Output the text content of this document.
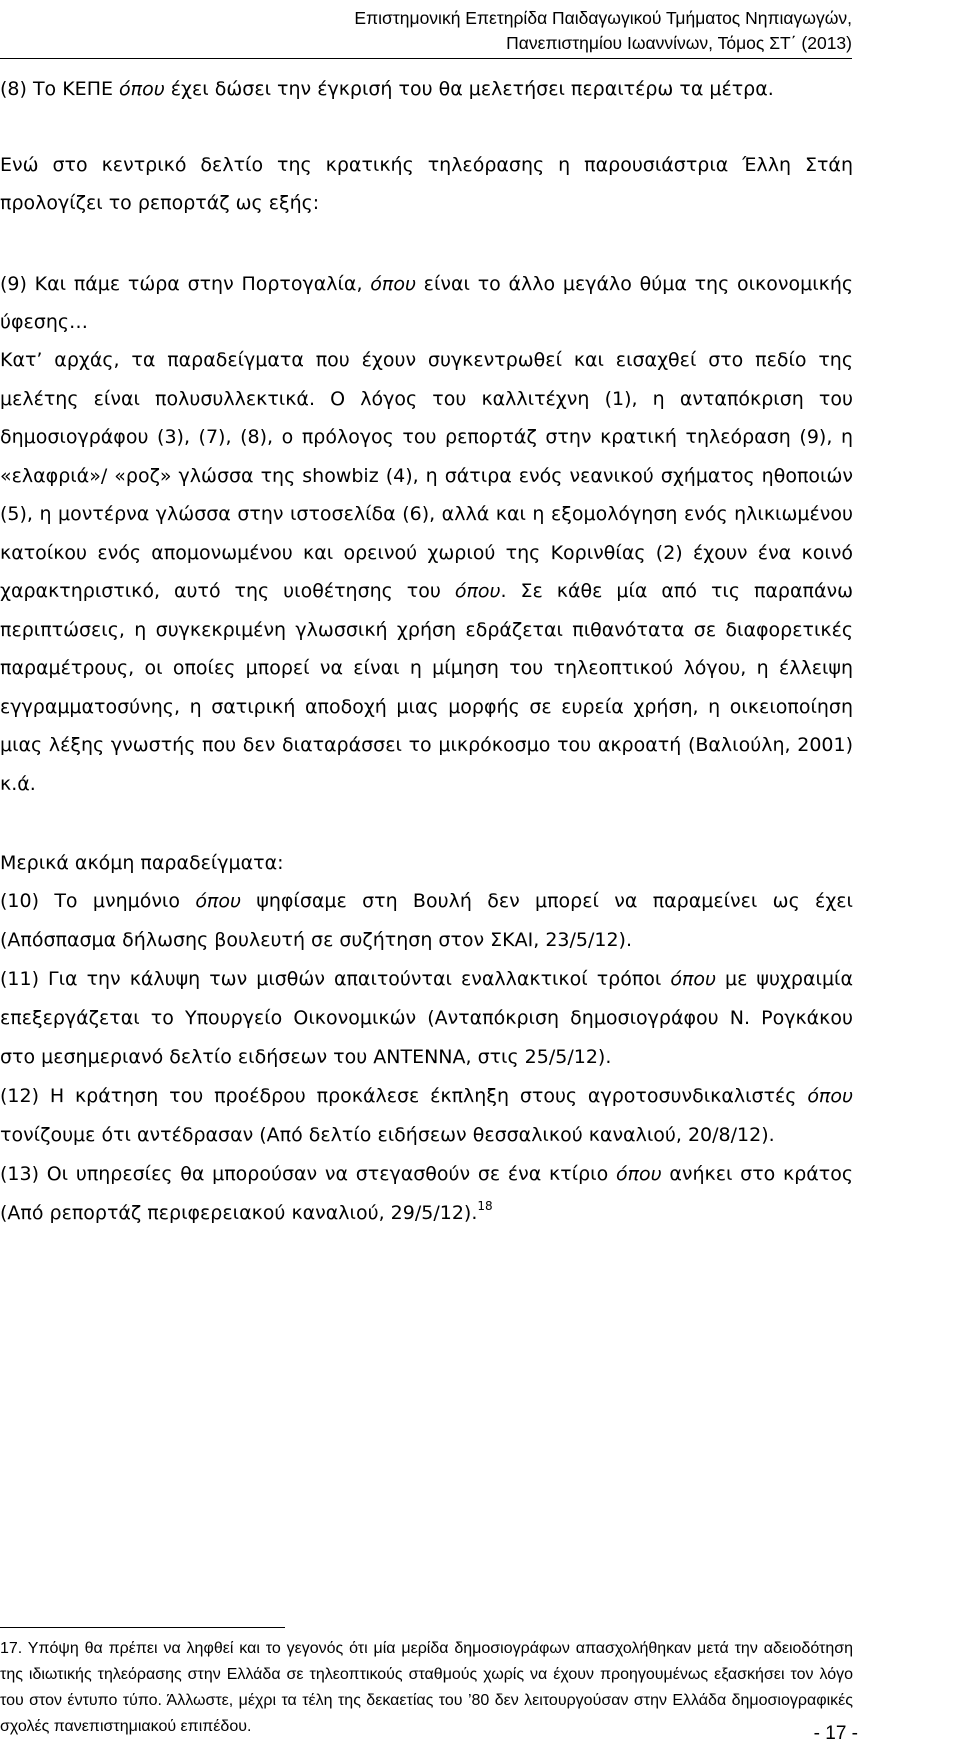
Επιστημονική Επετηρίδα Παιδαγωγικού Τμήματος Νηπιαγωγών,
Πανεπιστημίου Ιωαννίνων, Τόμος ΣΤ΄ (2013)

(8) Το ΚΕΠΕ όπου έχει δώσει την έγκρισή του θα μελετήσει περαιτέρω τα μέτρα.

Ενώ στο κεντρικό δελτίο της κρατικής τηλεόρασης η παρουσιάστρια Έλλη Στάη προλογίζει το ρεπορτάζ ως εξής:

(9) Και πάμε τώρα στην Πορτογαλία, όπου είναι το άλλο μεγάλο θύμα της οικονομικής ύφεσης…

Κατ’ αρχάς, τα παραδείγματα που έχουν συγκεντρωθεί και εισαχθεί στο πεδίο της μελέτης είναι πολυσυλλεκτικά. Ο λόγος του καλλιτέχνη (1), η ανταπόκριση του δημοσιογράφου (3), (7), (8), ο πρόλογος του ρεπορτάζ στην κρατική τηλεόραση (9), η «ελαφριά»/ «ροζ» γλώσσα της showbiz (4), η σάτιρα ενός νεανικού σχήματος ηθοποιών (5), η μοντέρνα γλώσσα στην ιστοσελίδα (6), αλλά και η εξομολόγηση ενός ηλικιωμένου κατοίκου ενός απομονωμένου και ορεινού χωριού της Κορινθίας (2) έχουν ένα κοινό χαρακτηριστικό, αυτό της υιοθέτησης του όπου. Σε κάθε μία από τις παραπάνω περιπτώσεις, η συγκεκριμένη γλωσσική χρήση εδράζεται πιθανότατα σε διαφορετικές παραμέτρους, οι οποίες μπορεί να είναι η μίμηση του τηλεοπτικού λόγου, η έλλειψη εγγραμματοσύνης, η σατιρική αποδοχή μιας μορφής σε ευρεία χρήση, η οικειοποίηση μιας λέξης γνωστής που δεν διαταράσσει το μικρόκοσμο του ακροατή (Βαλιούλη, 2001) κ.ά.

Μερικά ακόμη παραδείγματα:

(10) Το μνημόνιο όπου ψηφίσαμε στη Βουλή δεν μπορεί να παραμείνει ως έχει (Απόσπασμα δήλωσης βουλευτή σε συζήτηση στον ΣΚΑΙ, 23/5/12).

(11) Για την κάλυψη των μισθών απαιτούνται εναλλακτικοί τρόποι όπου με ψυχραιμία επεξεργάζεται το Υπουργείο Οικονομικών (Ανταπόκριση δημοσιογράφου Ν. Ρογκάκου στο μεσημεριανό δελτίο ειδήσεων του ΑΝΤΕΝΝΑ, στις 25/5/12).

(12) Η κράτηση του προέδρου προκάλεσε έκπληξη στους αγροτοσυνδικαλιστές όπου τονίζουμε ότι αντέδρασαν (Από δελτίο ειδήσεων θεσσαλικού καναλιού, 20/8/12).

(13) Οι υπηρεσίες θα μπορούσαν να στεγασθούν σε ένα κτίριο όπου ανήκει στο κράτος (Από ρεπορτάζ περιφερειακού καναλιού, 29/5/12).$^{18}$

17. Υπόψη θα πρέπει να ληφθεί και το γεγονός ότι μία μερίδα δημοσιογράφων απασχολήθηκαν μετά την αδειοδότηση της ιδιωτικής τηλεόρασης στην Ελλάδα σε τηλεοπτικούς σταθμούς χωρίς να έχουν προηγουμένως εξασκήσει τον λόγο του στον έντυπο τύπο. Άλλωστε, μέχρι τα τέλη της δεκαετίας του ’80 δεν λειτουργούσαν στην Ελλάδα δημοσιογραφικές σχολές πανεπιστημιακού επιπέδου.	- 17 -
